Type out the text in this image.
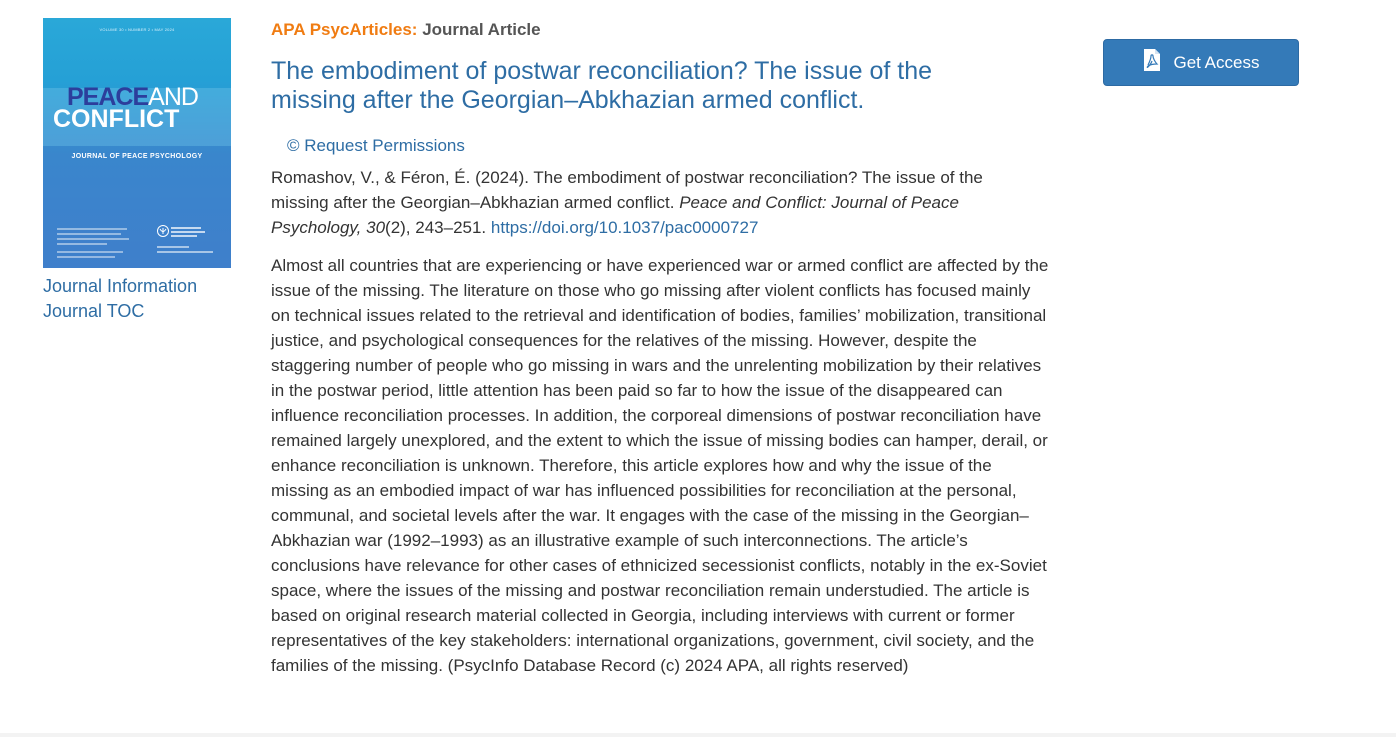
VOLUME 30 • NUMBER 2 • MAY 2024
PEACEAND
CONFLICT
JOURNAL OF PEACE PSYCHOLOGY
Journal Information
Journal TOC
APA PsycArticles: Journal Article
The embodiment of postwar reconciliation? The issue of the missing after the Georgian–Abkhazian armed conflict.
© Request Permissions
Romashov, V., & Féron, É. (2024). The embodiment of postwar reconciliation? The issue of the missing after the Georgian–Abkhazian armed conflict. Peace and Conflict: Journal of Peace Psychology, 30(2), 243–251. https://doi.org/10.1037/pac0000727
Almost all countries that are experiencing or have experienced war or armed conflict are affected by the issue of the missing. The literature on those who go missing after violent conflicts has focused mainly on technical issues related to the retrieval and identification of bodies, families’ mobilization, transitional justice, and psychological consequences for the relatives of the missing. However, despite the staggering number of people who go missing in wars and the unrelenting mobilization by their relatives in the postwar period, little attention has been paid so far to how the issue of the disappeared can influence reconciliation processes. In addition, the corporeal dimensions of postwar reconciliation have remained largely unexplored, and the extent to which the issue of missing bodies can hamper, derail, or enhance reconciliation is unknown. Therefore, this article explores how and why the issue of the missing as an embodied impact of war has influenced possibilities for reconciliation at the personal, communal, and societal levels after the war. It engages with the case of the missing in the Georgian–Abkhazian war (1992–1993) as an illustrative example of such interconnections. The article’s conclusions have relevance for other cases of ethnicized secessionist conflicts, notably in the ex-Soviet space, where the issues of the missing and postwar reconciliation remain understudied. The article is based on original research material collected in Georgia, including interviews with current or former representatives of the key stakeholders: international organizations, government, civil society, and the families of the missing. (PsycInfo Database Record (c) 2024 APA, all rights reserved)
Get Access
